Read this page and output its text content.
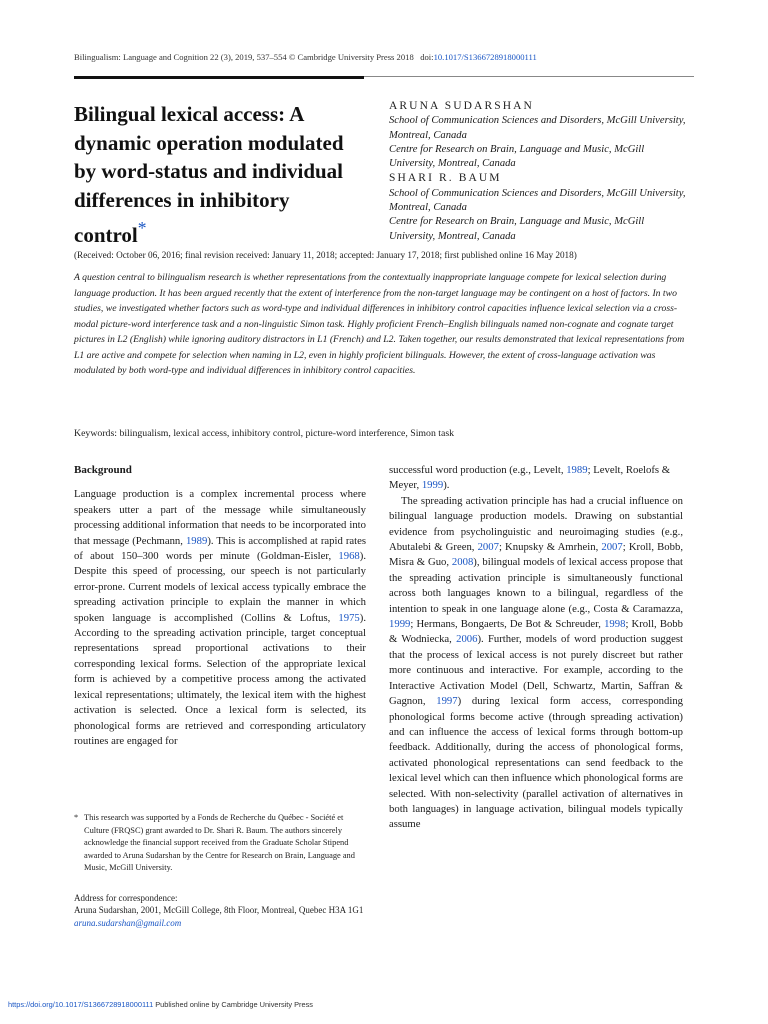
Bilingualism: Language and Cognition 22 (3), 2019, 537–554 © Cambridge University Press 2018 doi:10.1017/S1366728918000111
Bilingual lexical access: A dynamic operation modulated by word-status and individual differences in inhibitory control*
ARUNA SUDARSHAN
School of Communication Sciences and Disorders, McGill University, Montreal, Canada
Centre for Research on Brain, Language and Music, McGill University, Montreal, Canada
SHARI R. BAUM
School of Communication Sciences and Disorders, McGill University, Montreal, Canada
Centre for Research on Brain, Language and Music, McGill University, Montreal, Canada
(Received: October 06, 2016; final revision received: January 11, 2018; accepted: January 17, 2018; first published online 16 May 2018)
A question central to bilingualism research is whether representations from the contextually inappropriate language compete for lexical selection during language production. It has been argued recently that the extent of interference from the non-target language may be contingent on a host of factors. In two studies, we investigated whether factors such as word-type and individual differences in inhibitory control capacities influence lexical selection via a cross-modal picture-word interference task and a non-linguistic Simon task. Highly proficient French–English bilinguals named non-cognate and cognate target pictures in L2 (English) while ignoring auditory distractors in L1 (French) and L2. Taken together, our results demonstrated that lexical representations from L1 are active and compete for selection when naming in L2, even in highly proficient bilinguals. However, the extent of cross-language activation was modulated by both word-type and individual differences in inhibitory control capacities.
Keywords: bilingualism, lexical access, inhibitory control, picture-word interference, Simon task
Background

Language production is a complex incremental process where speakers utter a part of the message while simultaneously processing additional information that needs to be incorporated into that message (Pechmann, 1989). This is accomplished at rapid rates of about 150–300 words per minute (Goldman-Eisler, 1968). Despite this speed of processing, our speech is not particularly error-prone. Current models of lexical access typically embrace the spreading activation principle to explain the manner in which spoken language is accomplished (Collins & Loftus, 1975). According to the spreading activation principle, target conceptual representations spread proportional activations to their corresponding lexical forms. Selection of the appropriate lexical form is achieved by a competitive process among the activated lexical representations; ultimately, the lexical item with the highest activation is selected. Once a lexical form is selected, its phonological forms are retrieved and corresponding articulatory routines are engaged for

successful word production (e.g., Levelt, 1989; Levelt, Roelofs & Meyer, 1999).

The spreading activation principle has had a crucial influence on bilingual language production models. Drawing on substantial evidence from psycholinguistic and neuroimaging studies (e.g., Abutalebi & Green, 2007; Knupsky & Amrhein, 2007; Kroll, Bobb, Misra & Guo, 2008), bilingual models of lexical access propose that the spreading activation principle is simultaneously functional across both languages known to a bilingual, regardless of the intention to speak in one language alone (e.g., Costa & Caramazza, 1999; Hermans, Bongaerts, De Bot & Schreuder, 1998; Kroll, Bobb & Wodniecka, 2006). Further, models of word production suggest that the process of lexical access is not purely discreet but rather more continuous and interactive. For example, according to the Interactive Activation Model (Dell, Schwartz, Martin, Saffran & Gagnon, 1997) during lexical form access, corresponding phonological forms become active (through spreading activation) and can influence the access of lexical forms through bottom-up feedback. Additionally, during the access of phonological forms, activated phonological representations can send feedback to the lexical level which can then influence which phonological forms are selected. With non-selectivity (parallel activation of alternatives in both languages) in language activation, bilingual models typically assume

* This research was supported by a Fonds de Recherche du Québec - Société et Culture (FRQSC) grant awarded to Dr. Shari R. Baum. The authors sincerely acknowledge the financial support received from the Graduate Scholar Stipend awarded to Aruna Sudarshan by the Centre for Research on Brain, Language and Music, McGill University.
Address for correspondence:
Aruna Sudarshan, 2001, McGill College, 8th Floor, Montreal, Quebec H3A 1G1
aruna.sudarshan@gmail.com
https://doi.org/10.1017/S1366728918000111 Published online by Cambridge University Press
